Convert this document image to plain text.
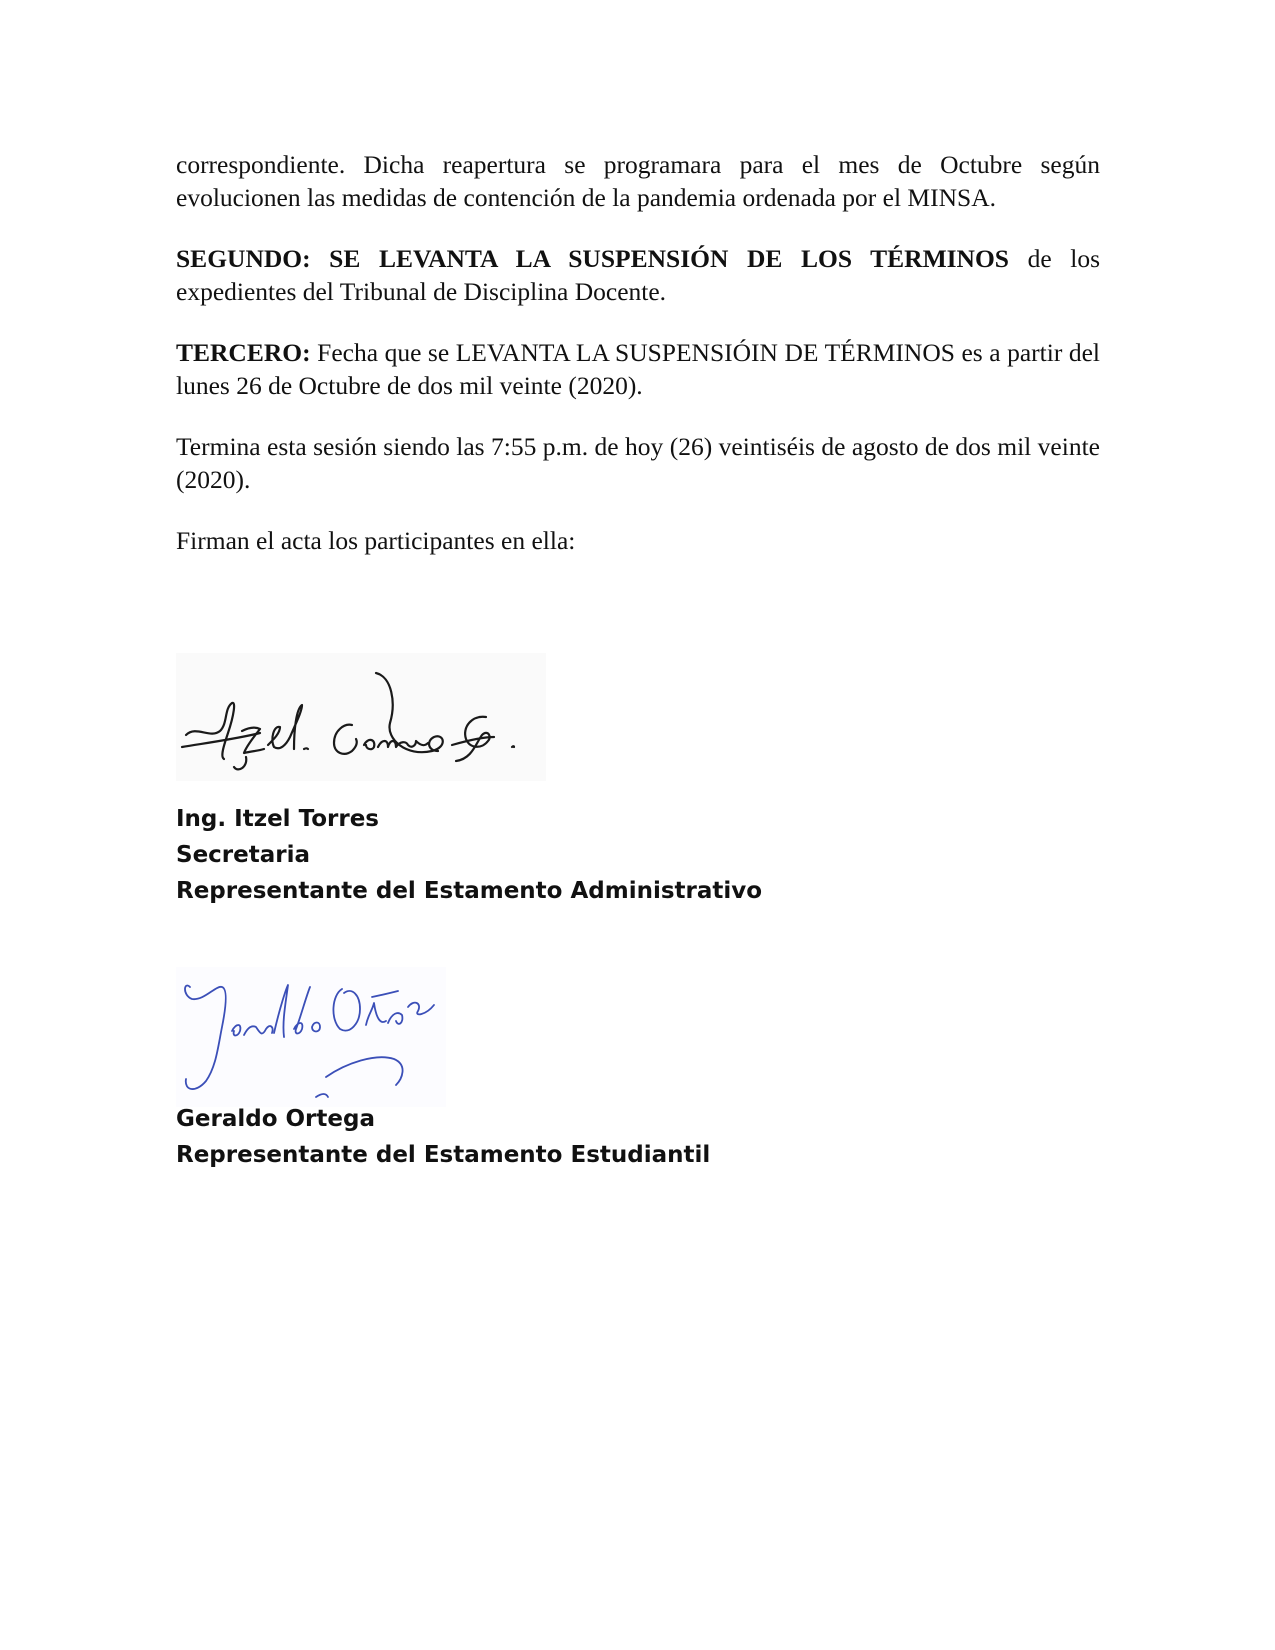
correspondiente. Dicha reapertura se programara para el mes de Octubre según evolucionen las medidas de contención de la pandemia ordenada por el MINSA.

SEGUNDO: SE LEVANTA LA SUSPENSIÓN DE LOS TÉRMINOS de los expedientes del Tribunal de Disciplina Docente.

TERCERO: Fecha que se LEVANTA LA SUSPENSIÓIN DE TÉRMINOS es a partir del lunes 26 de Octubre de dos mil veinte (2020).

Termina esta sesión siendo las 7:55 p.m. de hoy (26) veintiséis de agosto de dos mil veinte (2020).

Firman el acta los participantes en ella:

Ing. Itzel Torres

Secretaria

Representante del Estamento Administrativo

Geraldo Ortega

Representante del Estamento Estudiantil
